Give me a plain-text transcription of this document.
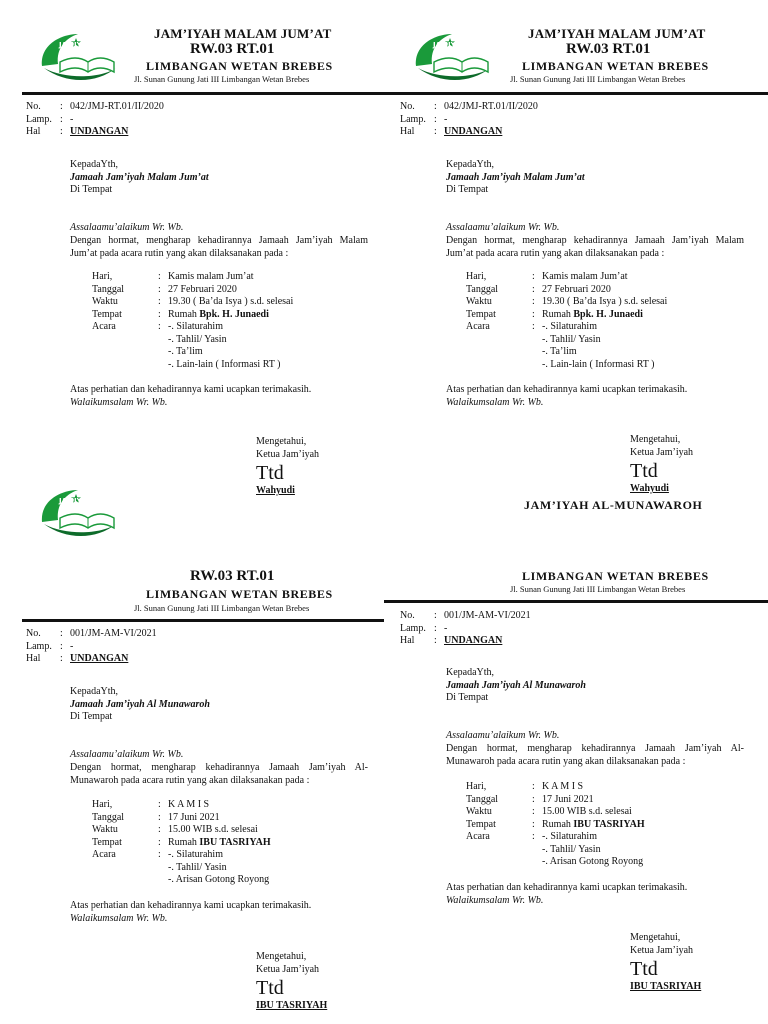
JAMIYAH
JAM’IYAH MALAM JUM’AT
RW.03 RT.01
LIMBANGAN WETAN BREBES
Jl. Sunan Gunung Jati III Limbangan Wetan Brebes
No.	: 042/JMJ-RT.01/II/2020
Lamp. : -
Hal	: UNDANGAN
KepadaYth,
Jamaah Jam’iyah Malam Jum’at
Di Tempat
Assalaamu’alaikum Wr. Wb.
Dengan hormat, mengharap kehadirannya Jamaah Jam’iyah Malam Jum’at pada acara rutin yang akan dilaksanakan pada :
Hari,	: Kamis malam Jum’at
Tanggal	: 27 Februari 2020
Waktu	: 19.30 ( Ba’da Isya ) s.d. selesai
Tempat	: Rumah Bpk. H. Junaedi
Acara	: -. Silaturahim
-. Tahlil/ Yasin
-. Ta’lim
-. Lain-lain ( Informasi RT )
Atas perhatian dan kehadirannya kami ucapkan terimakasih.
Walaikumsalam Wr. Wb.
Mengetahui,
Ketua Jam’iyah
Ttd
Wahyudi
JAMIYAH
JAM’IYAH MALAM JUM’AT
RW.03 RT.01
LIMBANGAN WETAN BREBES
Jl. Sunan Gunung Jati III Limbangan Wetan Brebes
No.	: 042/JMJ-RT.01/II/2020
Lamp. : -
Hal	: UNDANGAN
KepadaYth,
Jamaah Jam’iyah Malam Jum’at
Di Tempat
Assalaamu’alaikum Wr. Wb.
Dengan hormat, mengharap kehadirannya Jamaah Jam’iyah Malam Jum’at pada acara rutin yang akan dilaksanakan pada :
Hari,	: Kamis malam Jum’at
Tanggal	: 27 Februari 2020
Waktu	: 19.30 ( Ba’da Isya ) s.d. selesai
Tempat	: Rumah Bpk. H. Junaedi
Acara	: -. Silaturahim
-. Tahlil/ Yasin
-. Ta’lim
-. Lain-lain ( Informasi RT )
Atas perhatian dan kehadirannya kami ucapkan terimakasih.
Walaikumsalam Wr. Wb.
Mengetahui,
Ketua Jam’iyah
Ttd
Wahyudi
JAM’IYAH AL-MUNAWAROH
JAMIYAH
RW.03 RT.01
LIMBANGAN WETAN BREBES
Jl. Sunan Gunung Jati III Limbangan Wetan Brebes
No.	: 001/JM-AM-VI/2021
Lamp. : -
Hal	: UNDANGAN
KepadaYth,
Jamaah Jam’iyah Al Munawaroh
Di Tempat
Assalaamu’alaikum Wr. Wb.
Dengan hormat, mengharap kehadirannya Jamaah Jam’iyah Al-Munawaroh pada acara rutin yang akan dilaksanakan pada :
Hari,	: K A M I S
Tanggal	: 17 Juni 2021
Waktu	: 15.00 WIB s.d. selesai
Tempat	: Rumah IBU TASRIYAH
Acara	: -. Silaturahim
-. Tahlil/ Yasin
-. Arisan Gotong Royong
Atas perhatian dan kehadirannya kami ucapkan terimakasih.
Walaikumsalam Wr. Wb.
Mengetahui,
Ketua Jam’iyah
Ttd
IBU TASRIYAH
LIMBANGAN WETAN BREBES
Jl. Sunan Gunung Jati III Limbangan Wetan Brebes
No.	: 001/JM-AM-VI/2021
Lamp. : -
Hal	: UNDANGAN
KepadaYth,
Jamaah Jam’iyah Al Munawaroh
Di Tempat
Assalaamu’alaikum Wr. Wb.
Dengan hormat, mengharap kehadirannya Jamaah Jam’iyah Al-Munawaroh pada acara rutin yang akan dilaksanakan pada :
Hari,	: K A M I S
Tanggal	: 17 Juni 2021
Waktu	: 15.00 WIB s.d. selesai
Tempat	: Rumah IBU TASRIYAH
Acara	: -. Silaturahim
-. Tahlil/ Yasin
-. Arisan Gotong Royong
Atas perhatian dan kehadirannya kami ucapkan terimakasih.
Walaikumsalam Wr. Wb.
Mengetahui,
Ketua Jam’iyah
Ttd
IBU TASRIYAH
